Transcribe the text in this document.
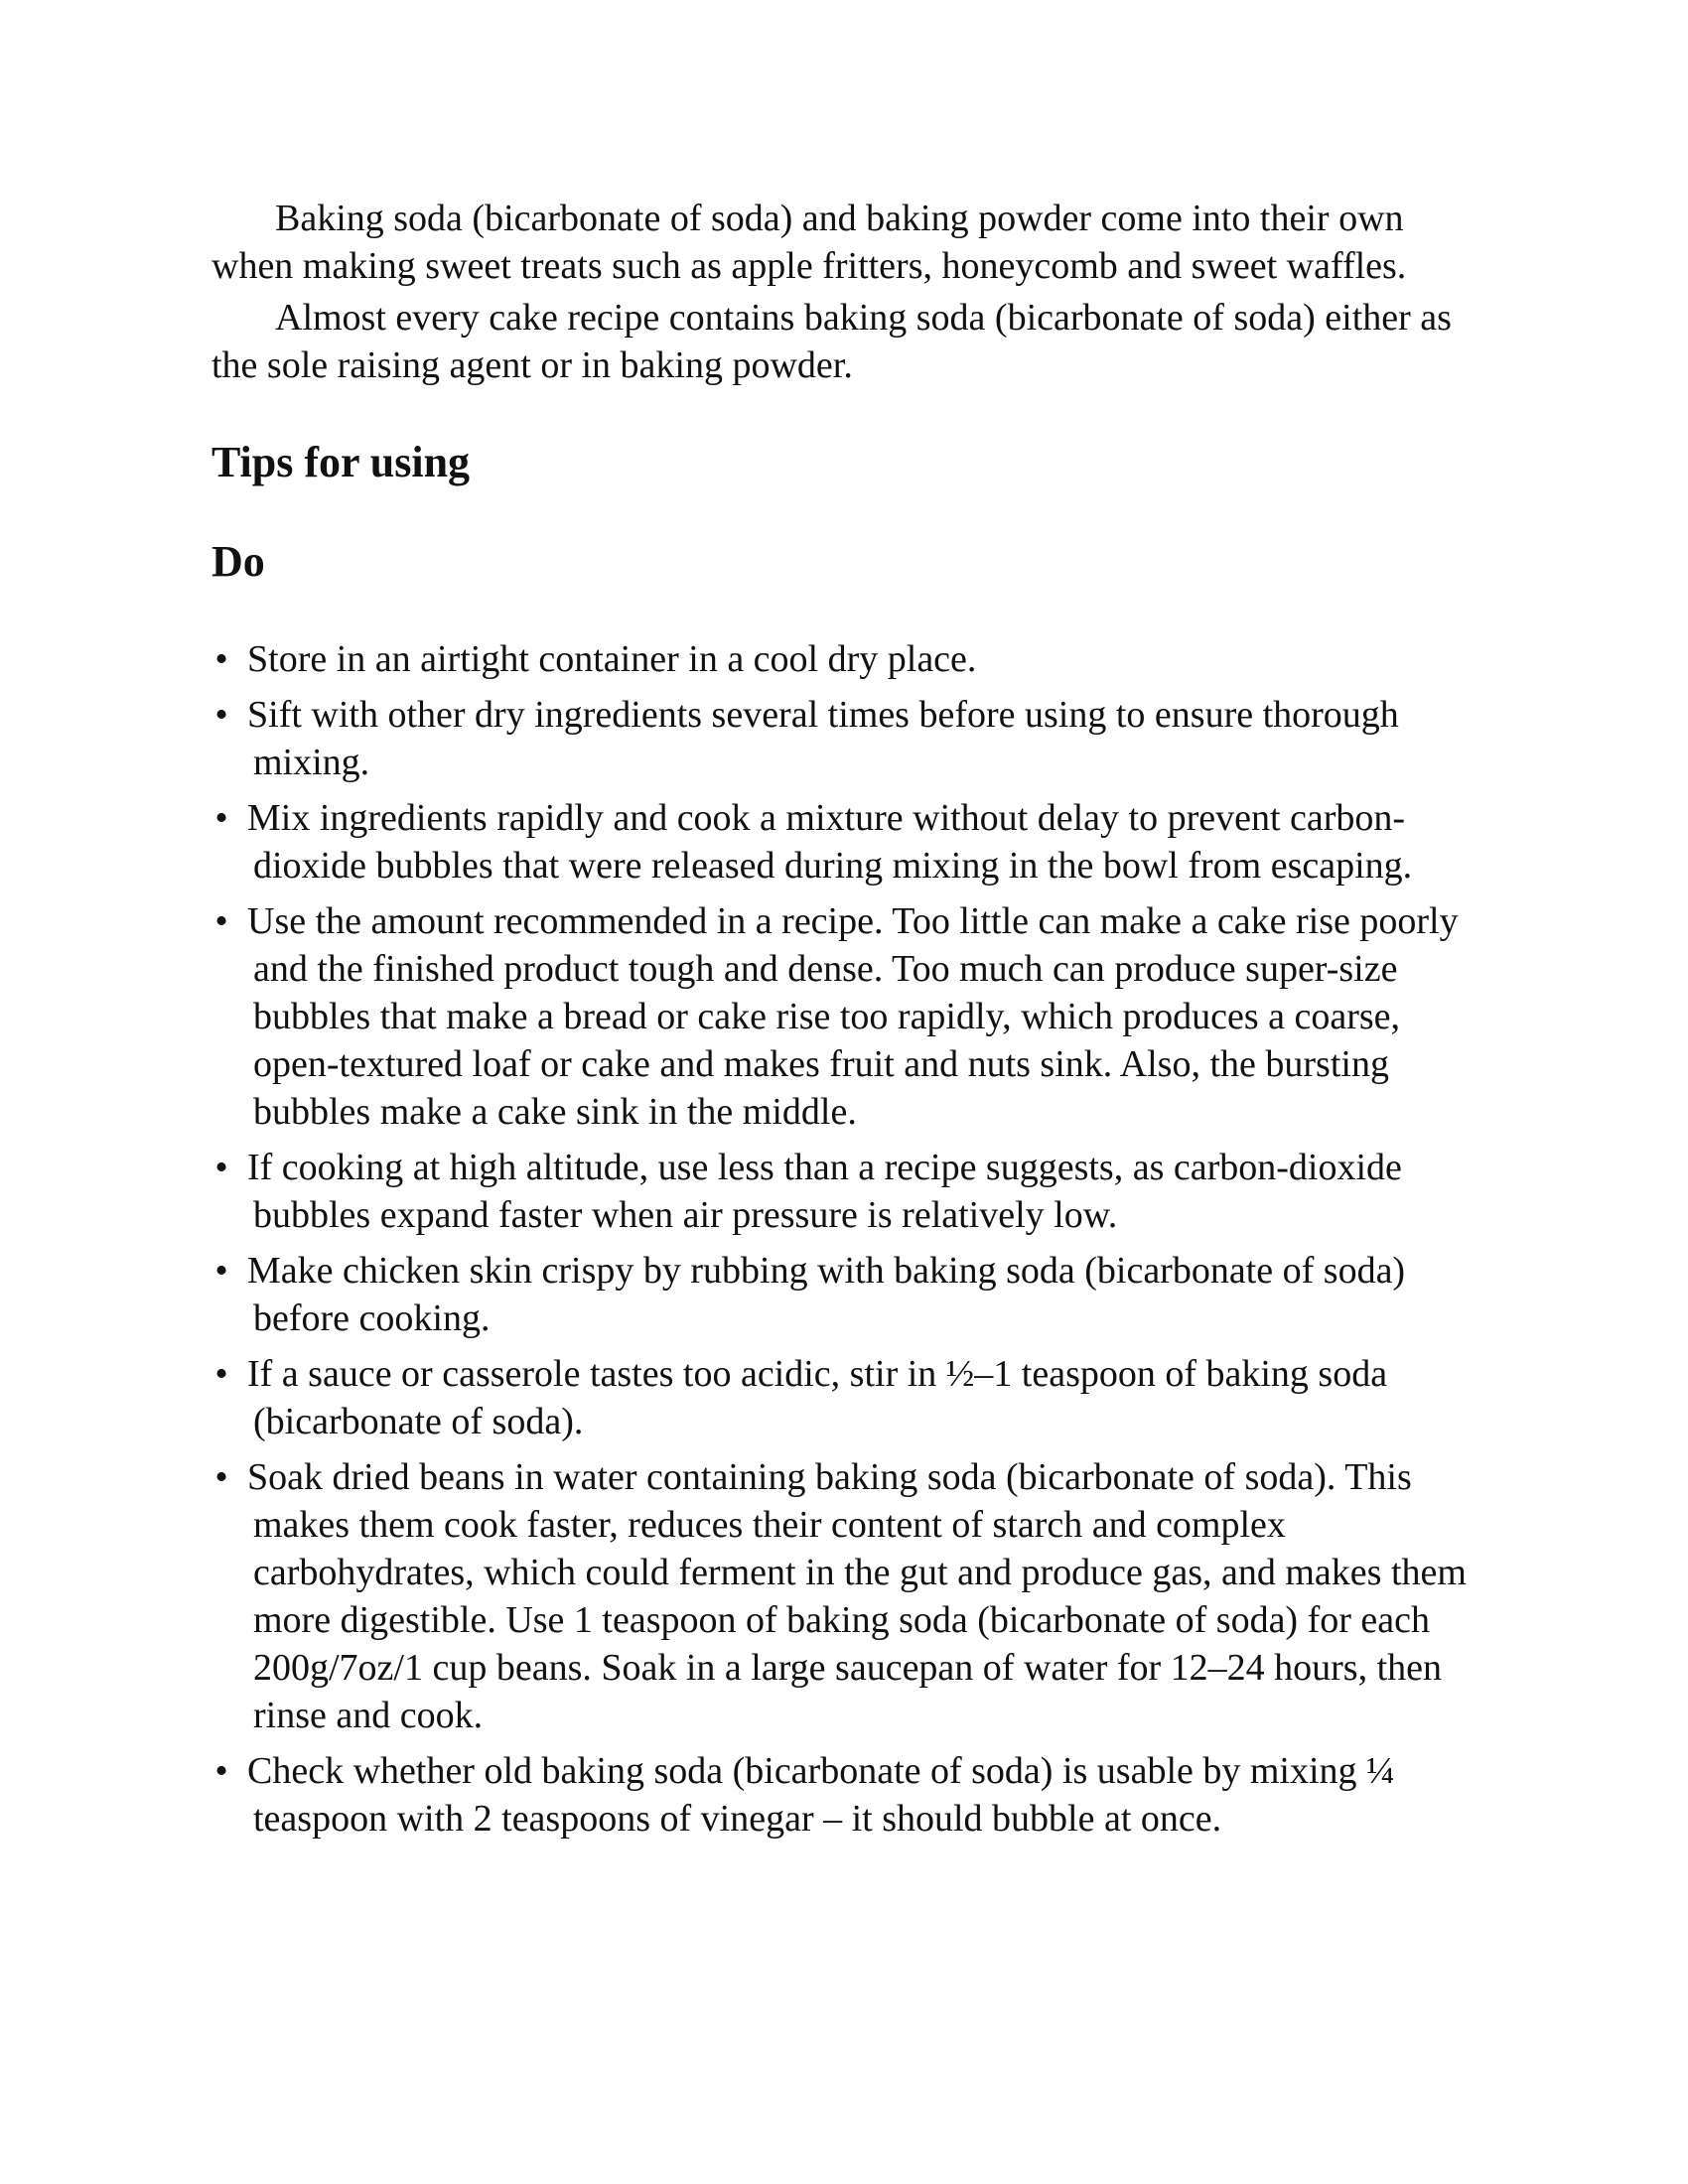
Baking soda (bicarbonate of soda) and baking powder come into their own when making sweet treats such as apple fritters, honeycomb and sweet waffles.

Almost every cake recipe contains baking soda (bicarbonate of soda) either as the sole raising agent or in baking powder.

Tips for using
Do
• Store in an airtight container in a cool dry place.
• Sift with other dry ingredients several times before using to ensure thorough mixing.
• Mix ingredients rapidly and cook a mixture without delay to prevent carbon-dioxide bubbles that were released during mixing in the bowl from escaping.
• Use the amount recommended in a recipe. Too little can make a cake rise poorly and the finished product tough and dense. Too much can produce super-size bubbles that make a bread or cake rise too rapidly, which produces a coarse, open-textured loaf or cake and makes fruit and nuts sink. Also, the bursting bubbles make a cake sink in the middle.
• If cooking at high altitude, use less than a recipe suggests, as carbon-dioxide bubbles expand faster when air pressure is relatively low.
• Make chicken skin crispy by rubbing with baking soda (bicarbonate of soda) before cooking.
• If a sauce or casserole tastes too acidic, stir in ½–1 teaspoon of baking soda (bicarbonate of soda).
• Soak dried beans in water containing baking soda (bicarbonate of soda). This makes them cook faster, reduces their content of starch and complex carbohydrates, which could ferment in the gut and produce gas, and makes them more digestible. Use 1 teaspoon of baking soda (bicarbonate of soda) for each 200g/7oz/1 cup beans. Soak in a large saucepan of water for 12–24 hours, then rinse and cook.
• Check whether old baking soda (bicarbonate of soda) is usable by mixing ¼ teaspoon with 2 teaspoons of vinegar – it should bubble at once.
